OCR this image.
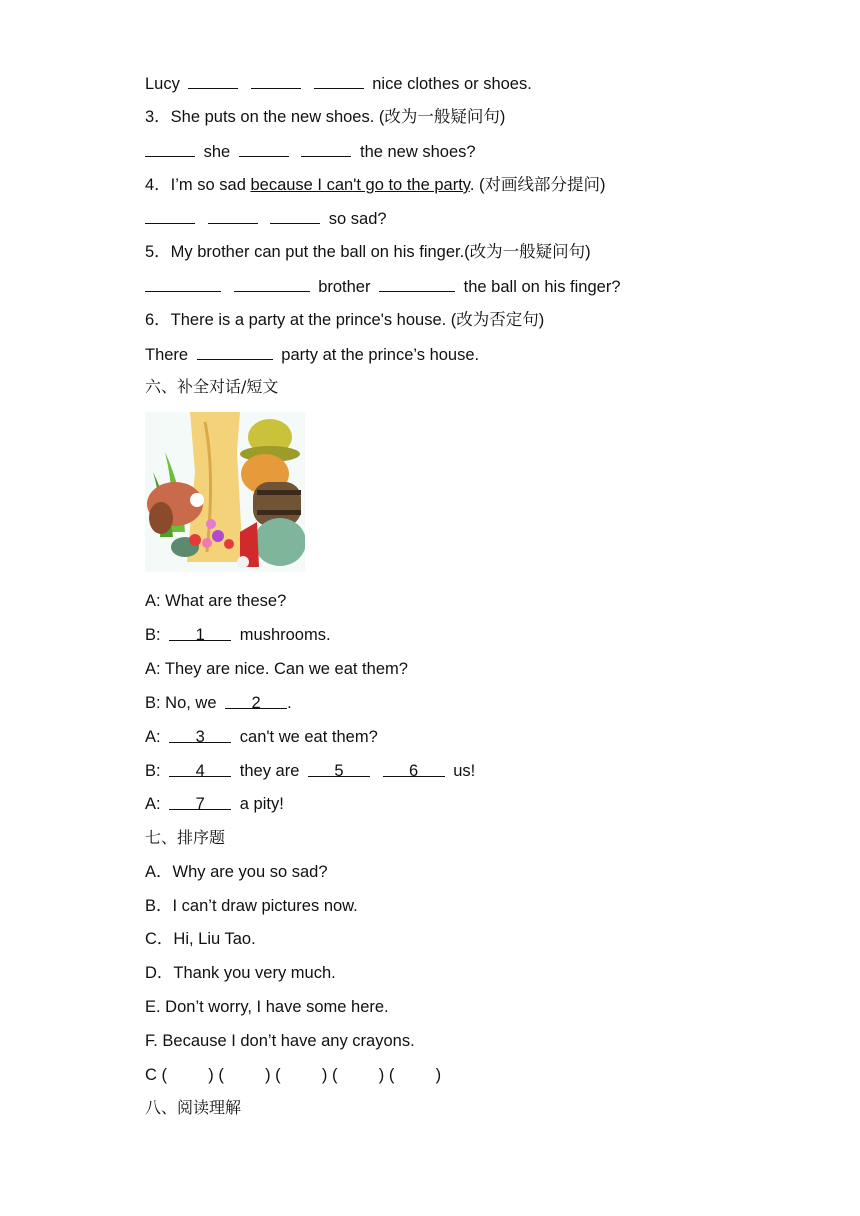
Lucy	nice clothes or shoes.
3．She puts on the new shoes. (改为一般疑问句)
she	the new shoes?
4．I’m so sad because I can't go to the party. (对画线部分提问)
so sad?
5．My brother can put the ball on his finger.(改为一般疑问句)
brother	the ball on his finger?
6．There is a party at the prince's house. (改为否定句)
There	party at the prince’s house.
六、补全对话/短文
A: What are these?
B: 1 mushrooms.
A: They are nice. Can we eat them?
B: No, we 2 .
A: 3 can't we eat them?
B: 4 they are 5	6 us!
A: 7 a pity!
七、排序题
A．Why are you so sad?
B．I can’t draw pictures now.
C．Hi, Liu Tao.
D．Thank you very much.
E. Don’t worry, I have some here.
F. Because I don’t have any crayons.
C (         ) (         ) (         ) (         ) (         )
八、阅读理解
